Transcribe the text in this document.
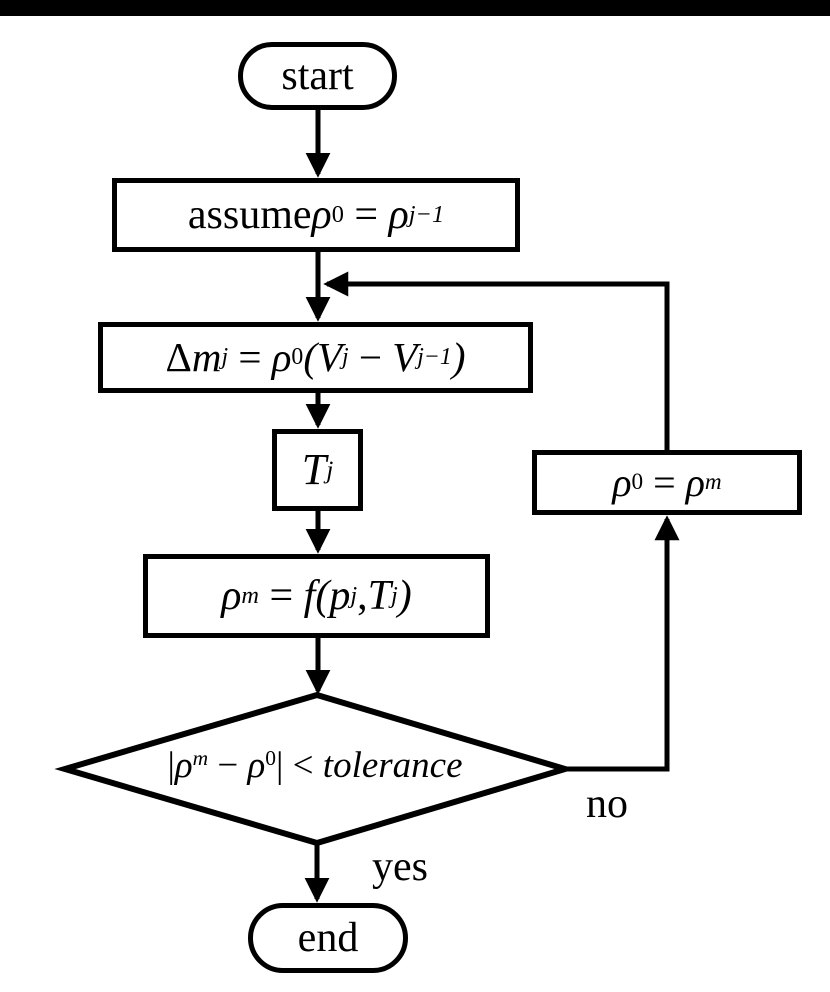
start
assume ρ 0 = ρ j−1
Δ m j = ρ 0 ( V j − V j−1 )
T j
ρ m = f ( p j , T j )
ρ 0 = ρ m
$|\rho^m - \rho^0|$ < tolerance
yes
no
end
